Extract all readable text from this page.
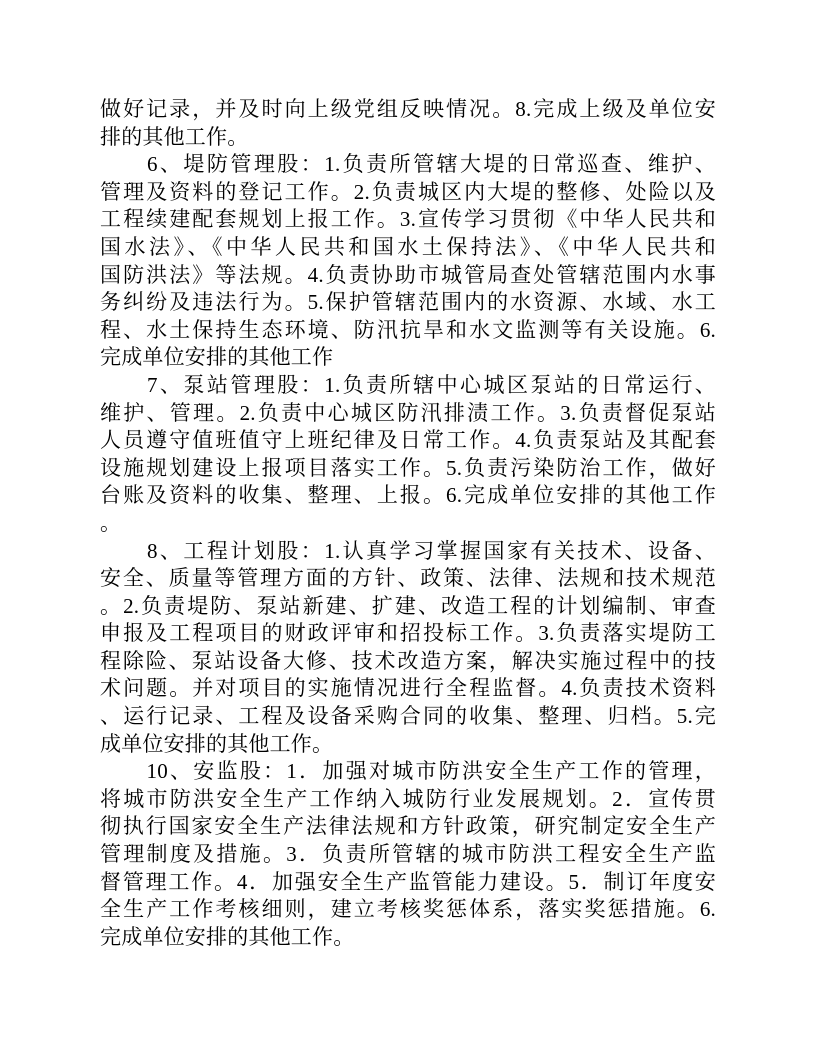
做好记录，并及时向上级党组反映情况。8.完成上级及单位安
排的其他工作。
　　6、堤防管理股：1.负责所管辖大堤的日常巡查、维护、
管理及资料的登记工作。2.负责城区内大堤的整修、处险以及
工程续建配套规划上报工作。3.宣传学习贯彻《中华人民共和
国水法》、《中华人民共和国水土保持法》、《中华人民共和
国防洪法》等法规。4.负责协助市城管局查处管辖范围内水事
务纠纷及违法行为。5.保护管辖范围内的水资源、水域、水工
程、水土保持生态环境、防汛抗旱和水文监测等有关设施。6.
完成单位安排的其他工作
　　7、泵站管理股：1.负责所辖中心城区泵站的日常运行、
维护、管理。2.负责中心城区防汛排渍工作。3.负责督促泵站
人员遵守值班值守上班纪律及日常工作。4.负责泵站及其配套
设施规划建设上报项目落实工作。5.负责污染防治工作，做好
台账及资料的收集、整理、上报。6.完成单位安排的其他工作
。
　　8、工程计划股：1.认真学习掌握国家有关技术、设备、
安全、质量等管理方面的方针、政策、法律、法规和技术规范
。2.负责堤防、泵站新建、扩建、改造工程的计划编制、审查
申报及工程项目的财政评审和招投标工作。3.负责落实堤防工
程除险、泵站设备大修、技术改造方案，解决实施过程中的技
术问题。并对项目的实施情况进行全程监督。4.负责技术资料
、运行记录、工程及设备采购合同的收集、整理、归档。5.完
成单位安排的其他工作。
　　10、安监股：1．加强对城市防洪安全生产工作的管理，
将城市防洪安全生产工作纳入城防行业发展规划。2．宣传贯
彻执行国家安全生产法律法规和方针政策，研究制定安全生产
管理制度及措施。3．负责所管辖的城市防洪工程安全生产监
督管理工作。4．加强安全生产监管能力建设。5．制订年度安
全生产工作考核细则，建立考核奖惩体系，落实奖惩措施。6.
完成单位安排的其他工作。
